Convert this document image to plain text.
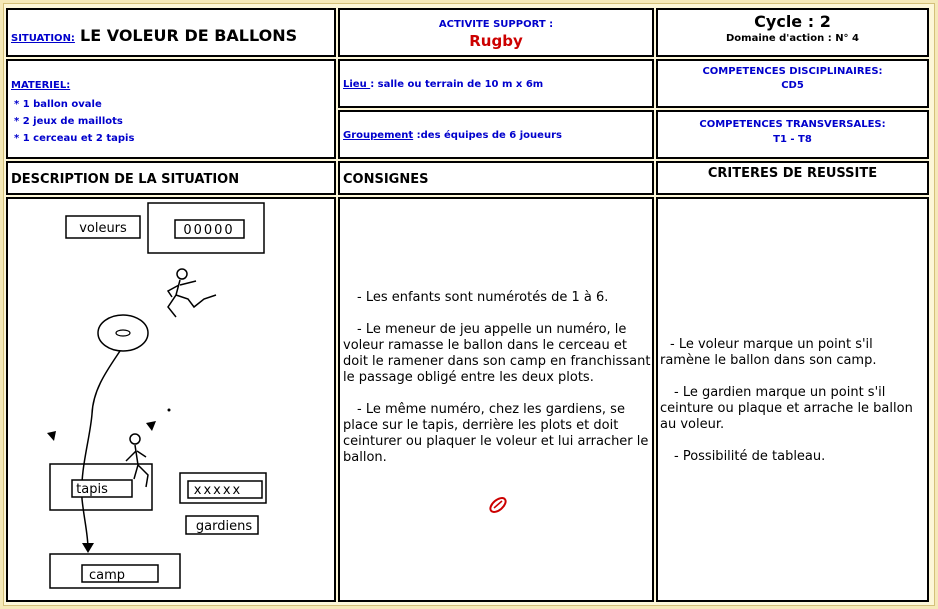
SITUATION: LE VOLEUR DE BALLONS
ACTIVITE SUPPORT :
Rugby
Cycle : 2
Domaine d'action : N° 4
MATERIEL:
* 1 ballon ovale
* 2 jeux de maillots
* 1 cerceau et 2 tapis
Lieu : salle ou terrain de 10 m x 6m
Groupement :des équipes de 6 joueurs
COMPETENCES DISCIPLINAIRES:
CD5
COMPETENCES TRANSVERSALES:
T1 - T8
DESCRIPTION DE LA SITUATION	CONSIGNES	CRITERES DE REUSSITE
voleurs	00000
tapis	xxxxx
gardiens
camp
- Les enfants sont numérotés de 1 à 6.
- Le meneur de jeu appelle un numéro, le voleur ramasse le ballon dans le cerceau et doit le ramener dans son camp en franchissant le passage obligé entre les deux plots.
- Le même numéro, chez les gardiens, se place sur le tapis, derrière les plots et doit ceinturer ou plaquer le voleur et lui arracher le ballon.
- Le voleur marque un point s'il ramène le ballon dans son camp.
- Le gardien marque un point s'il ceinture ou plaque et arrache le ballon au voleur.
- Possibilité de tableau.
